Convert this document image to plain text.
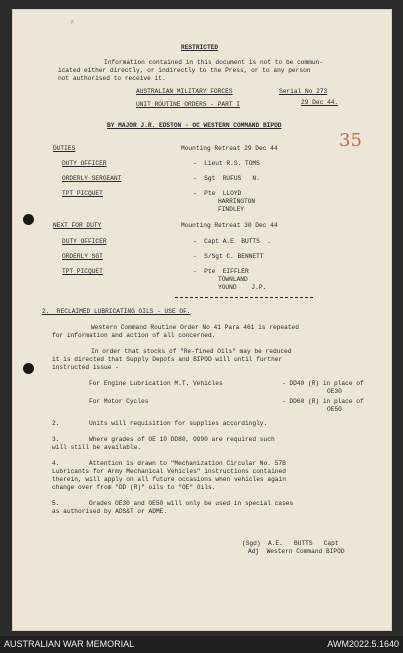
≠
RESTRICTED
Information contained in this document is not to be commun-
icated either directly, or indirectly to the Press, or to any person
not authorised to receive it.
AUSTRALIAN MILITARY FORCES	Serial No 273
UNIT ROUTINE ORDERS - PART I	29 Dec 44.
BY MAJOR J.R. EDSTON - OC WESTERN COMMAND BIPOD
35
DUTIES	Mounting Retreat 29 Dec 44
DUTY OFFICER	-  Lieut R.S. TOMS
ORDERLY SERGEANT	-  Sgt  RUFUS   N.
TPT PICQUET	-  Pte  LLOYD
HARRINGTON
FINDLEY
NEXT FOR DUTY	Mounting Retreat 30 Dec 44
DUTY OFFICER	-  Capt A.E  BUTTS  .
ORDERLY SGT	-  S/Sgt C. BENNETT
TPT PICQUET	-  Pte  EIFFLER
TOWNLAND
YOUND    J.P.
2.  RECLAIMED LUBRICATING OILS - USE OF.
Western Command Routine Order No 41 Para 461 is repeated
for information and action of all concerned.
In order that stocks of "Re-fined Oils" may be reduced
it is directed that Supply Depots and BIPOD will until further
instructed issue -
For Engine Lubrication M.T. Vehicles	- DD40 (R) in place of
OE30
For Motor Cycles	- DD60 (R) in place of
OE50
2.	Units will requisition for supplies accordingly.
3.	Where grades of OE 10 DD80, OO90 are required such
will still be available.
4.	Attention is drawn to "Mechanization Circular No. 57B
Lubricants for Army Mechanical Vehicles" instructions contained
therein, will apply on all future occasions when vehicles again
change over from "DD (R)" oils to "OE" Oils.
5.	Grades OE30 and OE50 will only be used in special cases
as authorised by ADS&T or ADME.
(Sgd)  A.E.   BUTTS   Capt
Adj  Western Command BIPOD
AUSTRALIAN WAR MEMORIAL	AWM2022.5.1640
